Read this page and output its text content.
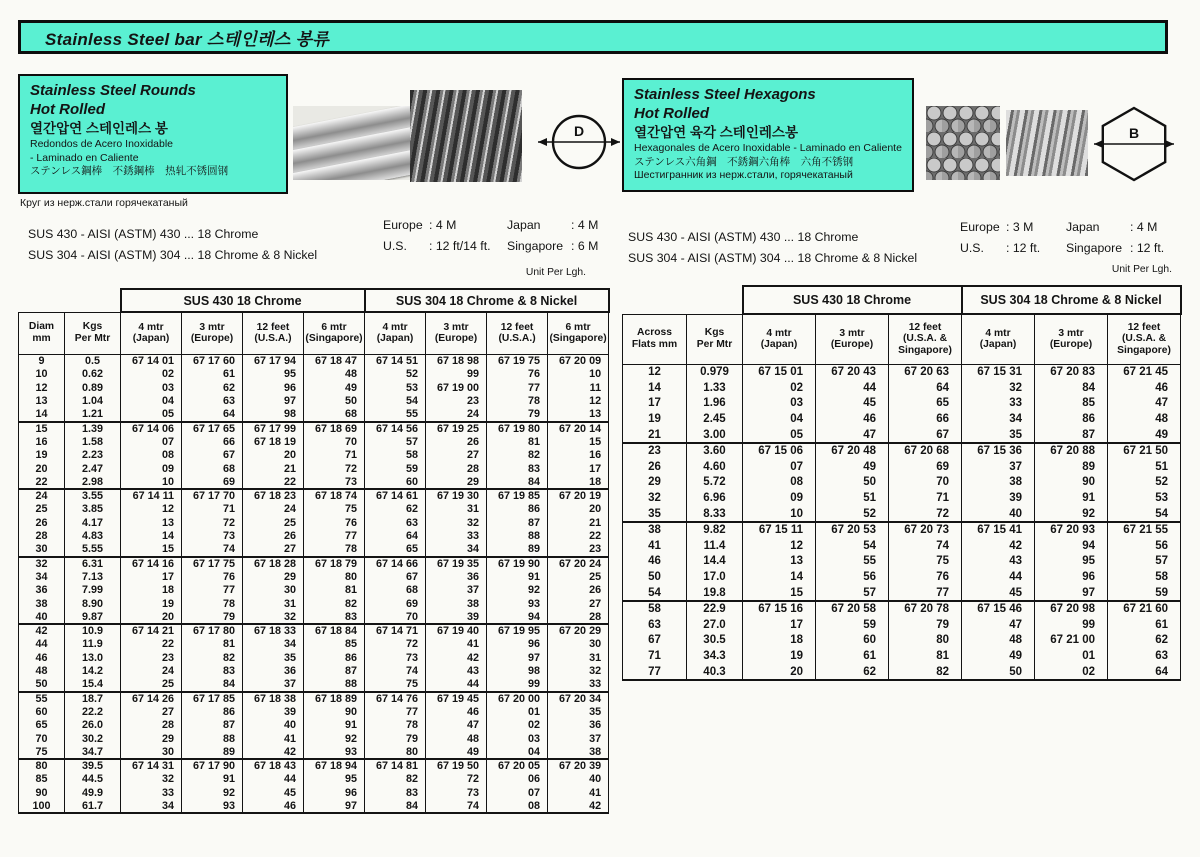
Stainless Steel bar 스테인레스 봉류
Stainless Steel Rounds
Hot Rolled
열간압연 스테인레스 봉
Redondos de Acero Inoxidable
- Laminado en Caliente
ステンレス鋼棒　不銹鋼棒　热轧不锈圆钢
Круг из нерж.стали горячекатаный
D
SUS 430 - AISI (ASTM) 430 ... 18 Chrome
SUS 304 - AISI (ASTM) 304 ... 18 Chrome & 8 Nickel
Europe : 4 M	Japan : 4 M
U.S. : 12 ft/14 ft.	Singapore : 6 M
Unit Per Lgh.
		SUS 430 18 Chrome				SUS 304 18 Chrome & 8 Nickel			

Diam
mm

Kgs
Per Mtr

4 mtr
(Japan)

3 mtr
(Europe)

12 feet
(U.S.A.)

6 mtr
(Singapore)

4 mtr
(Japan)

3 mtr
(Europe)

12 feet
(U.S.A.)

6 mtr
(Singapore)

9	0.5	67 14 01	67 17 60	67 17 94	67 18 47	67 14 51	67 18 98	67 19 75	67 20 09
10	0.62	02	61	95	48	52	99	76	10
12	0.89	03	62	96	49	53	67 19 00	77	11
13	1.04	04	63	97	50	54	23	78	12
14	1.21	05	64	98	68	55	24	79	13
15	1.39	67 14 06	67 17 65	67 17 99	67 18 69	67 14 56	67 19 25	67 19 80	67 20 14
16	1.58	07	66	67 18 19	70	57	26	81	15
19	2.23	08	67	20	71	58	27	82	16
20	2.47	09	68	21	72	59	28	83	17
22	2.98	10	69	22	73	60	29	84	18
24	3.55	67 14 11	67 17 70	67 18 23	67 18 74	67 14 61	67 19 30	67 19 85	67 20 19
25	3.85	12	71	24	75	62	31	86	20
26	4.17	13	72	25	76	63	32	87	21
28	4.83	14	73	26	77	64	33	88	22
30	5.55	15	74	27	78	65	34	89	23
32	6.31	67 14 16	67 17 75	67 18 28	67 18 79	67 14 66	67 19 35	67 19 90	67 20 24
34	7.13	17	76	29	80	67	36	91	25
36	7.99	18	77	30	81	68	37	92	26
38	8.90	19	78	31	82	69	38	93	27
40	9.87	20	79	32	83	70	39	94	28
42	10.9	67 14 21	67 17 80	67 18 33	67 18 84	67 14 71	67 19 40	67 19 95	67 20 29
44	11.9	22	81	34	85	72	41	96	30
46	13.0	23	82	35	86	73	42	97	31
48	14.2	24	83	36	87	74	43	98	32
50	15.4	25	84	37	88	75	44	99	33
55	18.7	67 14 26	67 17 85	67 18 38	67 18 89	67 14 76	67 19 45	67 20 00	67 20 34
60	22.2	27	86	39	90	77	46	01	35
65	26.0	28	87	40	91	78	47	02	36
70	30.2	29	88	41	92	79	48	03	37
75	34.7	30	89	42	93	80	49	04	38
80	39.5	67 14 31	67 17 90	67 18 43	67 18 94	67 14 81	67 19 50	67 20 05	67 20 39
85	44.5	32	91	44	95	82	72	06	40
90	49.9	33	92	45	96	83	73	07	41
100	61.7	34	93	46	97	84	74	08	42
Stainless Steel Hexagons
Hot Rolled
열간압연 육각 스테인레스봉
Hexagonales de Acero Inoxidable - Laminado en Caliente
ステンレス六角鋼　不銹鋼六角棒　六角不锈钢
Шестигранник из нерж.стали, горячекатаный
B
SUS 430 - AISI (ASTM) 430 ... 18 Chrome
SUS 304 - AISI (ASTM) 304 ... 18 Chrome & 8 Nickel
Europe : 3 M	Japan : 4 M
U.S. : 12 ft.	Singapore : 12 ft.
Unit Per Lgh.
		SUS 430 18 Chrome			SUS 304 18 Chrome & 8 Nickel		

Across
Flats mm

Kgs
Per Mtr

4 mtr
(Japan)

3 mtr
(Europe)

12 feet
(U.S.A. &
Singapore)

4 mtr
(Japan)

3 mtr
(Europe)

12 feet
(U.S.A. &
Singapore)

12	0.979	67 15 01	67 20 43	67 20 63	67 15 31	67 20 83	67 21 45
14	1.33	02	44	64	32	84	46
17	1.96	03	45	65	33	85	47
19	2.45	04	46	66	34	86	48
21	3.00	05	47	67	35	87	49
23	3.60	67 15 06	67 20 48	67 20 68	67 15 36	67 20 88	67 21 50
26	4.60	07	49	69	37	89	51
29	5.72	08	50	70	38	90	52
32	6.96	09	51	71	39	91	53
35	8.33	10	52	72	40	92	54
38	9.82	67 15 11	67 20 53	67 20 73	67 15 41	67 20 93	67 21 55
41	11.4	12	54	74	42	94	56
46	14.4	13	55	75	43	95	57
50	17.0	14	56	76	44	96	58
54	19.8	15	57	77	45	97	59
58	22.9	67 15 16	67 20 58	67 20 78	67 15 46	67 20 98	67 21 60
63	27.0	17	59	79	47	99	61
67	30.5	18	60	80	48	67 21 00	62
71	34.3	19	61	81	49	01	63
77	40.3	20	62	82	50	02	64
